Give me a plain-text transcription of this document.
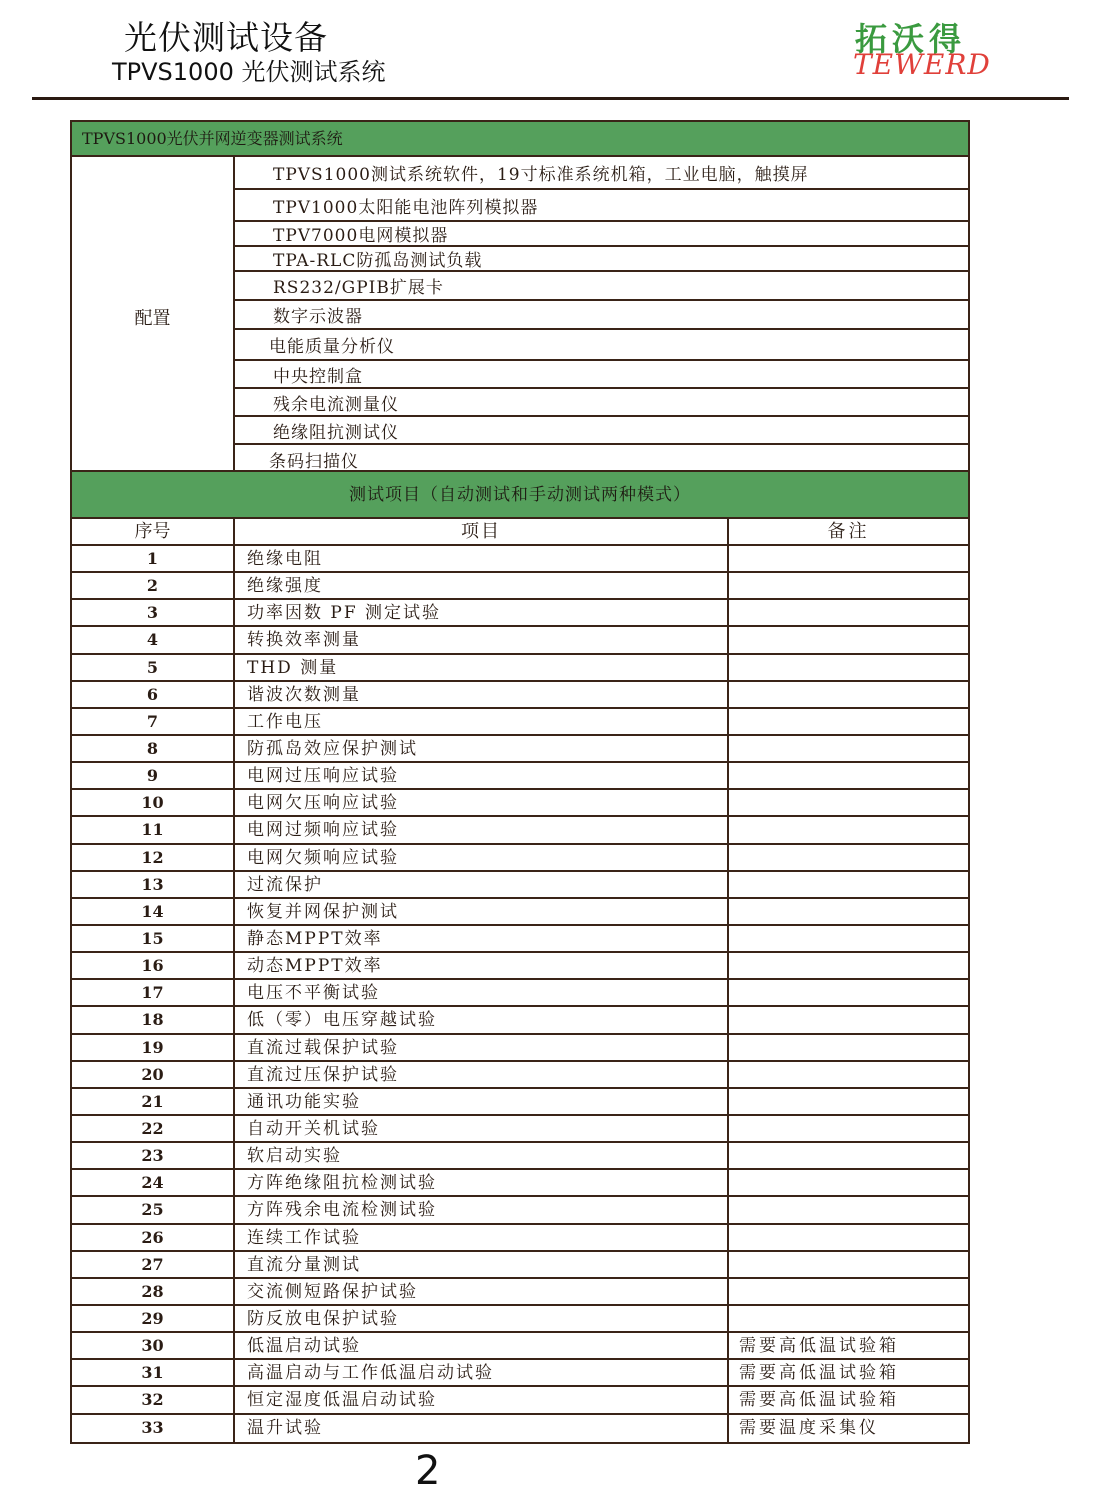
光伏测试设备
TPVS1000 光伏测试系统
拓沃得
TEWERD
TPVS1000光伏并网逆变器测试系统
配置
TPVS1000测试系统软件，19寸标准系统机箱，工业电脑，触摸屏
TPV1000太阳能电池阵列模拟器
TPV7000电网模拟器
TPA-RLC防孤岛测试负载
RS232/GPIB扩展卡
数字示波器
电能质量分析仪
中央控制盒
残余电流测量仪
绝缘阻抗测试仪
条码扫描仪
测试项目（自动测试和手动测试两种模式）
序号	项目	备注
1	绝缘电阻
2	绝缘强度
3	功率因数 PF 测定试验
4	转换效率测量
5	THD 测量
6	谐波次数测量
7	工作电压
8	防孤岛效应保护测试
9	电网过压响应试验
10	电网欠压响应试验
11	电网过频响应试验
12	电网欠频响应试验
13	过流保护
14	恢复并网保护测试
15	静态MPPT效率
16	动态MPPT效率
17	电压不平衡试验
18	低（零）电压穿越试验
19	直流过载保护试验
20	直流过压保护试验
21	通讯功能实验
22	自动开关机试验
23	软启动实验
24	方阵绝缘阻抗检测试验
25	方阵残余电流检测试验
26	连续工作试验
27	直流分量测试
28	交流侧短路保护试验
29	防反放电保护试验
30	低温启动试验	需要高低温试验箱
31	高温启动与工作低温启动试验	需要高低温试验箱
32	恒定湿度低温启动试验	需要高低温试验箱
33	温升试验	需要温度采集仪
2
